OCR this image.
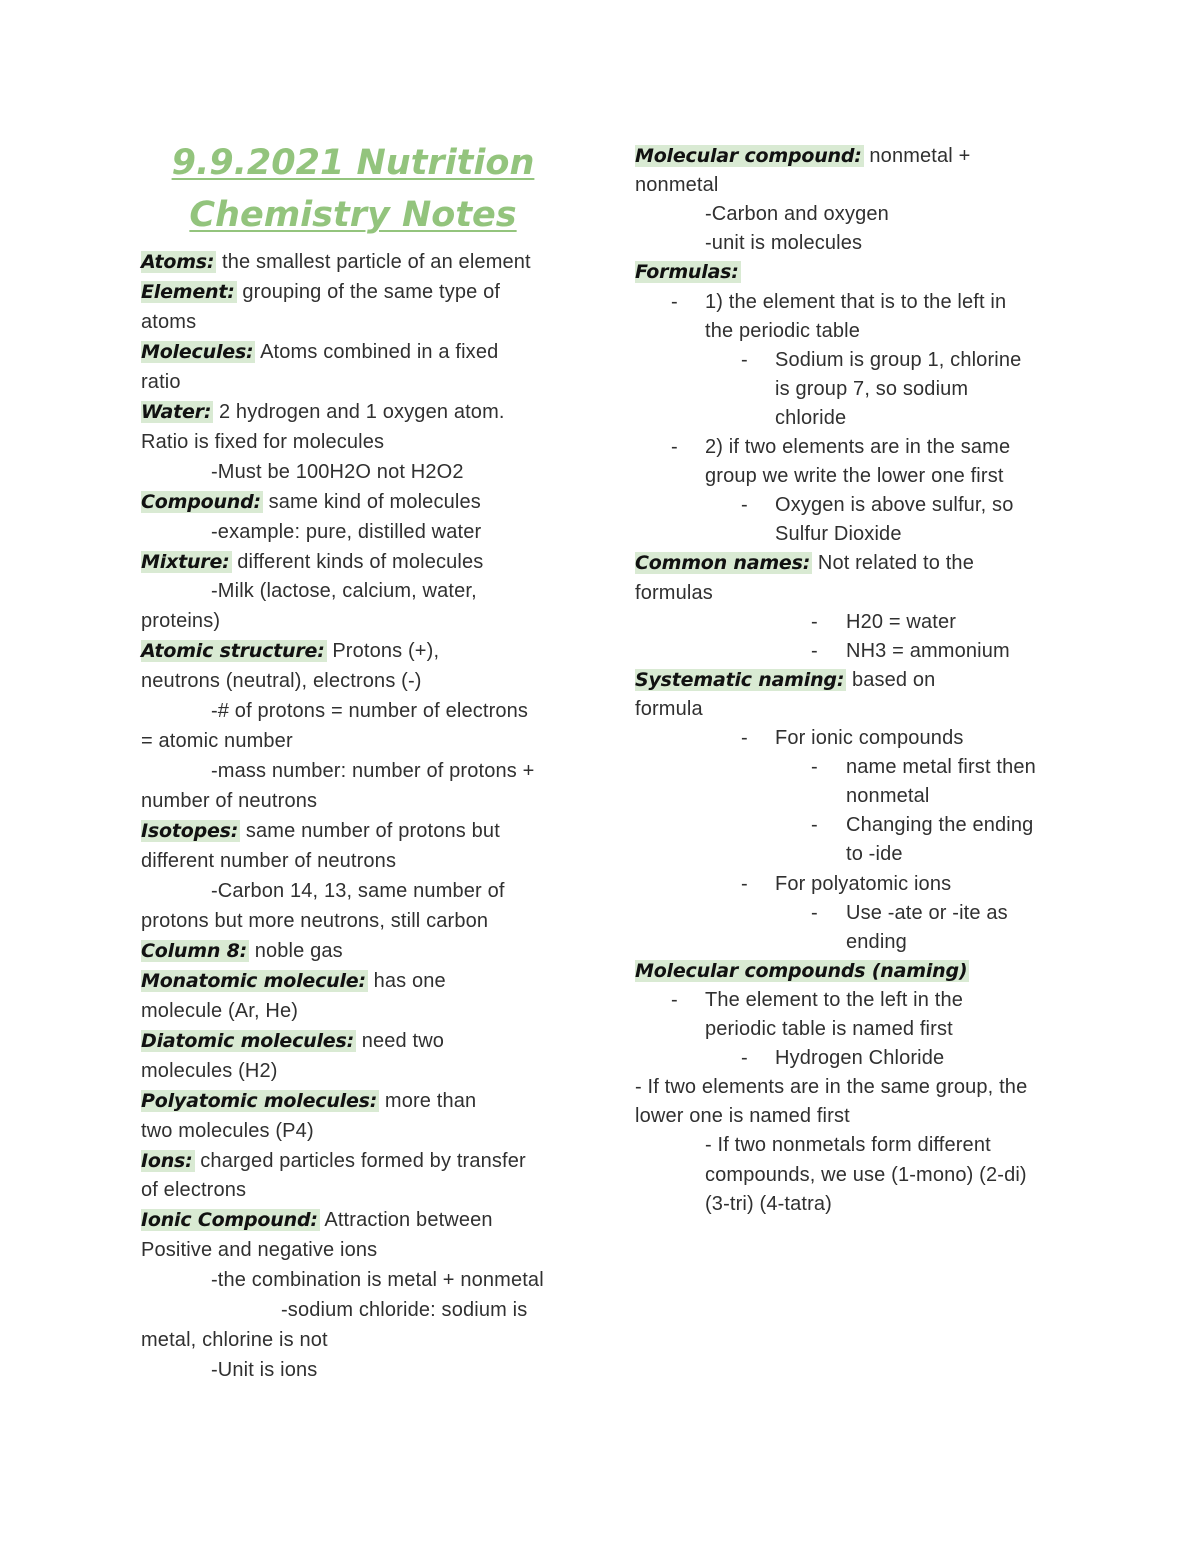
9.9.2021 Nutrition
Chemistry Notes
Atoms: the smallest particle of an element
Element: grouping of the same type of
atoms
Molecules: Atoms combined in a fixed
ratio
Water: 2 hydrogen and 1 oxygen atom.
Ratio is fixed for molecules
-Must be 100H2O not H2O2
Compound: same kind of molecules
-example: pure, distilled water
Mixture: different kinds of molecules
-Milk (lactose, calcium, water,
proteins)
Atomic structure: Protons (+),
neutrons (neutral), electrons (-)
-# of protons = number of electrons
= atomic number
-mass number: number of protons +
number of neutrons
Isotopes: same number of protons but
different number of neutrons
-Carbon 14, 13, same number of
protons but more neutrons, still carbon
Column 8: noble gas
Monatomic molecule: has one
molecule (Ar, He)
Diatomic molecules: need two
molecules (H2)
Polyatomic molecules: more than
two molecules (P4)
Ions: charged particles formed by transfer
of electrons
Ionic Compound: Attraction between
Positive and negative ions
-the combination is metal + nonmetal
-sodium chloride: sodium is
metal, chlorine is not
-Unit is ions
Molecular compound: nonmetal +
nonmetal
-Carbon and oxygen
-unit is molecules
Formulas:
- 1) the element that is to the left in
the periodic table
- Sodium is group 1, chlorine
is group 7, so sodium
chloride
- 2) if two elements are in the same
group we write the lower one first
- Oxygen is above sulfur, so
Sulfur Dioxide
Common names: Not related to the
formulas
- H20 = water
- NH3 = ammonium
Systematic naming: based on
formula
- For ionic compounds
- name metal first then
nonmetal
- Changing the ending
to -ide
- For polyatomic ions
- Use -ate or -ite as
ending
Molecular compounds (naming)
- The element to the left in the
periodic table is named first
- Hydrogen Chloride
- If two elements are in the same group, the
lower one is named first
- If two nonmetals form different
compounds, we use (1-mono) (2-di)
(3-tri) (4-tatra)
